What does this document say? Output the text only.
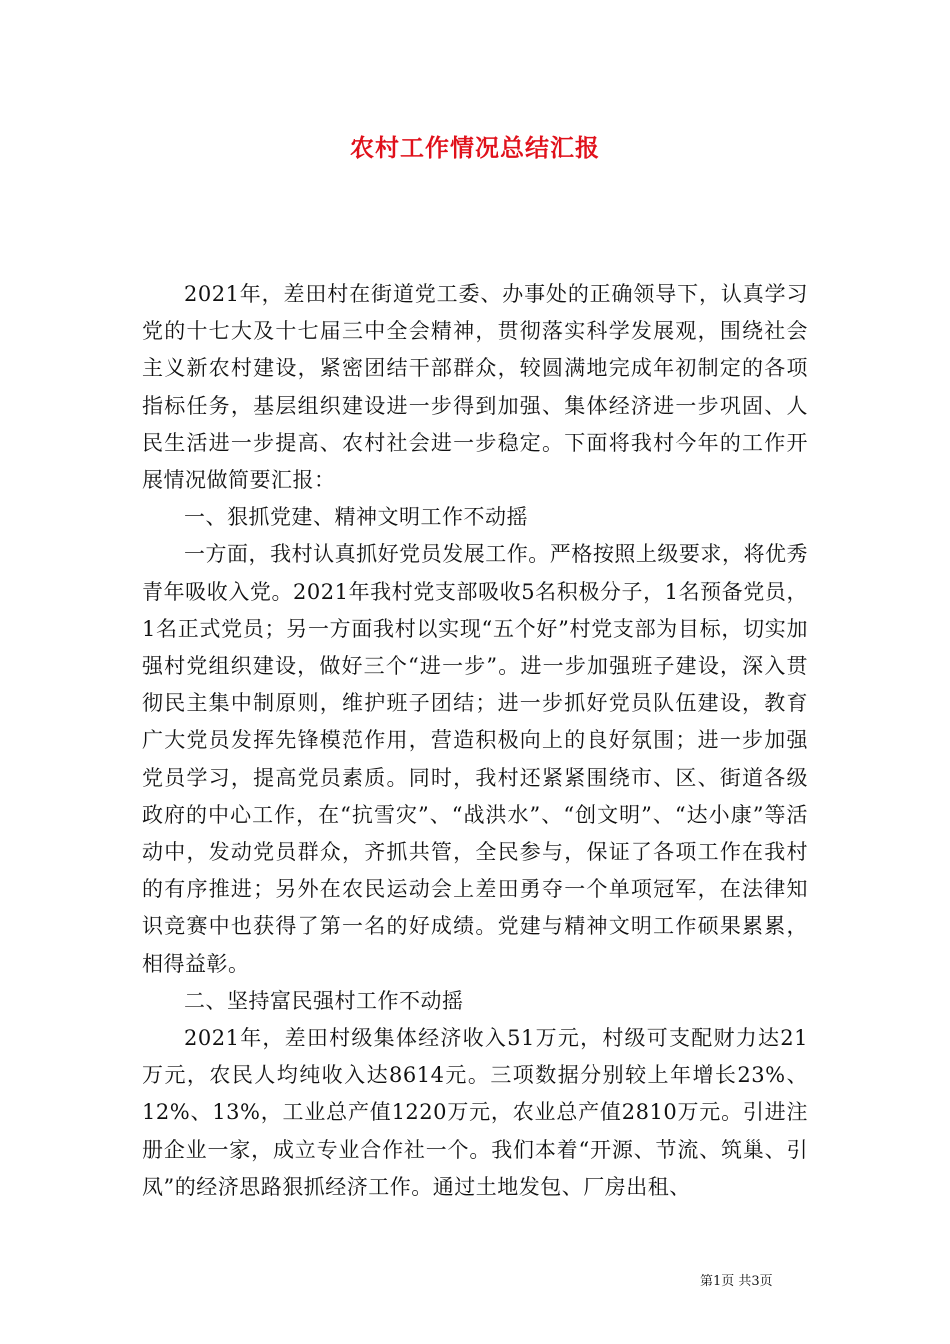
农村工作情况总结汇报

2021年，差田村在街道党工委、办事处的正确领导下，认真学习党的十七大及十七届三中全会精神，贯彻落实科学发展观，围绕社会主义新农村建设，紧密团结干部群众，较圆满地完成年初制定的各项指标任务，基层组织建设进一步得到加强、集体经济进一步巩固、人民生活进一步提高、农村社会进一步稳定。下面将我村今年的工作开展情况做简要汇报：

一、狠抓党建、精神文明工作不动摇

一方面，我村认真抓好党员发展工作。严格按照上级要求，将优秀青年吸收入党。2021年我村党支部吸收5名积极分子，1名预备党员，1名正式党员；另一方面我村以实现“五个好”村党支部为目标，切实加强村党组织建设，做好三个“进一步”。进一步加强班子建设，深入贯彻民主集中制原则，维护班子团结；进一步抓好党员队伍建设，教育广大党员发挥先锋模范作用，营造积极向上的良好氛围；进一步加强党员学习，提高党员素质。同时，我村还紧紧围绕市、区、街道各级政府的中心工作，在“抗雪灾”、“战洪水”、“创文明”、“达小康”等活动中，发动党员群众，齐抓共管，全民参与，保证了各项工作在我村的有序推进；另外在农民运动会上差田勇夺一个单项冠军，在法律知识竞赛中也获得了第一名的好成绩。党建与精神文明工作硕果累累，相得益彰。

二、坚持富民强村工作不动摇

2021年，差田村级集体经济收入51万元，村级可支配财力达21万元，农民人均纯收入达8614元。三项数据分别较上年增长23%、12%、13%，工业总产值1220万元，农业总产值2810万元。引进注册企业一家，成立专业合作社一个。我们本着“开源、节流、筑巢、引凤”的经济思路狠抓经济工作。通过土地发包、厂房出租、

第1页 共3页
